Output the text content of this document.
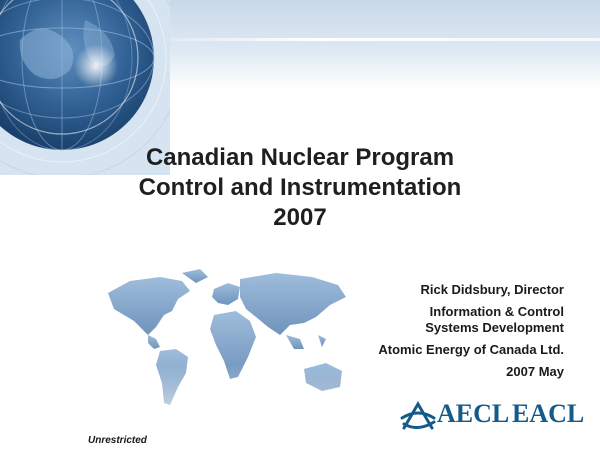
Canadian Nuclear Program
Control and Instrumentation
2007
Rick Didsbury, Director
Information & Control
Systems Development
Atomic Energy of Canada Ltd.
2007 May
AECL EACL
Unrestricted
